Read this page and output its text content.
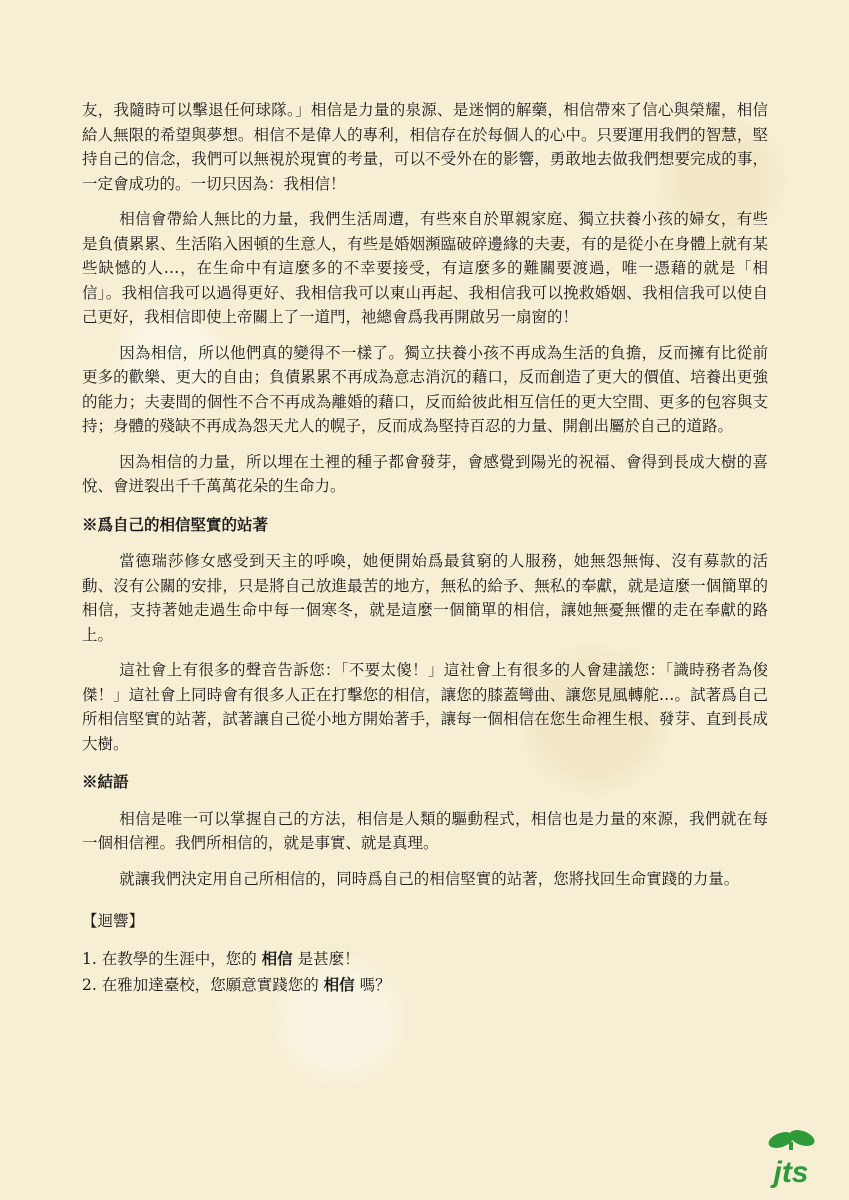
友，我隨時可以擊退任何球隊。」相信是力量的泉源、是迷惘的解藥，相信帶來了信心與榮耀，相信給人無限的希望與夢想。相信不是偉人的專利，相信存在於每個人的心中。只要運用我們的智慧，堅持自己的信念，我們可以無視於現實的考量，可以不受外在的影響，勇敢地去做我們想要完成的事，一定會成功的。一切只因為：我相信！

相信會帶給人無比的力量，我們生活周遭，有些來自於單親家庭、獨立扶養小孩的婦女，有些是負債累累、生活陷入困頓的生意人，有些是婚姻瀕臨破碎邊緣的夫妻，有的是從小在身體上就有某些缺憾的人…，在生命中有這麼多的不幸要接受，有這麼多的難關要渡過，唯一憑藉的就是「相信」。我相信我可以過得更好、我相信我可以東山再起、我相信我可以挽救婚姻、我相信我可以使自己更好，我相信即使上帝關上了一道門，祂總會爲我再開啟另一扇窗的！

因為相信，所以他們真的變得不一樣了。獨立扶養小孩不再成為生活的負擔，反而擁有比從前更多的歡樂、更大的自由；負債累累不再成為意志消沉的藉口，反而創造了更大的價值、培養出更強的能力；夫妻間的個性不合不再成為離婚的藉口，反而給彼此相互信任的更大空間、更多的包容與支持；身體的殘缺不再成為怨天尤人的幌子，反而成為堅持百忍的力量、開創出屬於自己的道路。

因為相信的力量，所以埋在土裡的種子都會發芽，會感覺到陽光的祝福、會得到長成大樹的喜悅、會迸裂出千千萬萬花朵的生命力。

※爲自己的相信堅實的站著

當德瑞莎修女感受到天主的呼喚，她便開始爲最貧窮的人服務，她無怨無悔、沒有募款的活動、沒有公關的安排，只是將自己放進最苦的地方，無私的給予、無私的奉獻，就是這麼一個簡單的相信，支持著她走過生命中每一個寒冬，就是這麼一個簡單的相信，讓她無憂無懼的走在奉獻的路上。

這社會上有很多的聲音告訴您：「不要太傻！」這社會上有很多的人會建議您：「識時務者為俊傑！」這社會上同時會有很多人正在打擊您的相信，讓您的膝蓋彎曲、讓您見風轉舵…。試著爲自己所相信堅實的站著，試著讓自己從小地方開始著手，讓每一個相信在您生命裡生根、發芽、直到長成大樹。

※結語

相信是唯一可以掌握自己的方法，相信是人類的驅動程式，相信也是力量的來源，我們就在每一個相信裡。我們所相信的，就是事實、就是真理。

就讓我們決定用自己所相信的，同時爲自己的相信堅實的站著，您將找回生命實踐的力量。

【迴響】

1. 在教學的生涯中，您的 相信 是甚麼！
2. 在雅加達臺校，您願意實踐您的 相信 嗎？
jts
